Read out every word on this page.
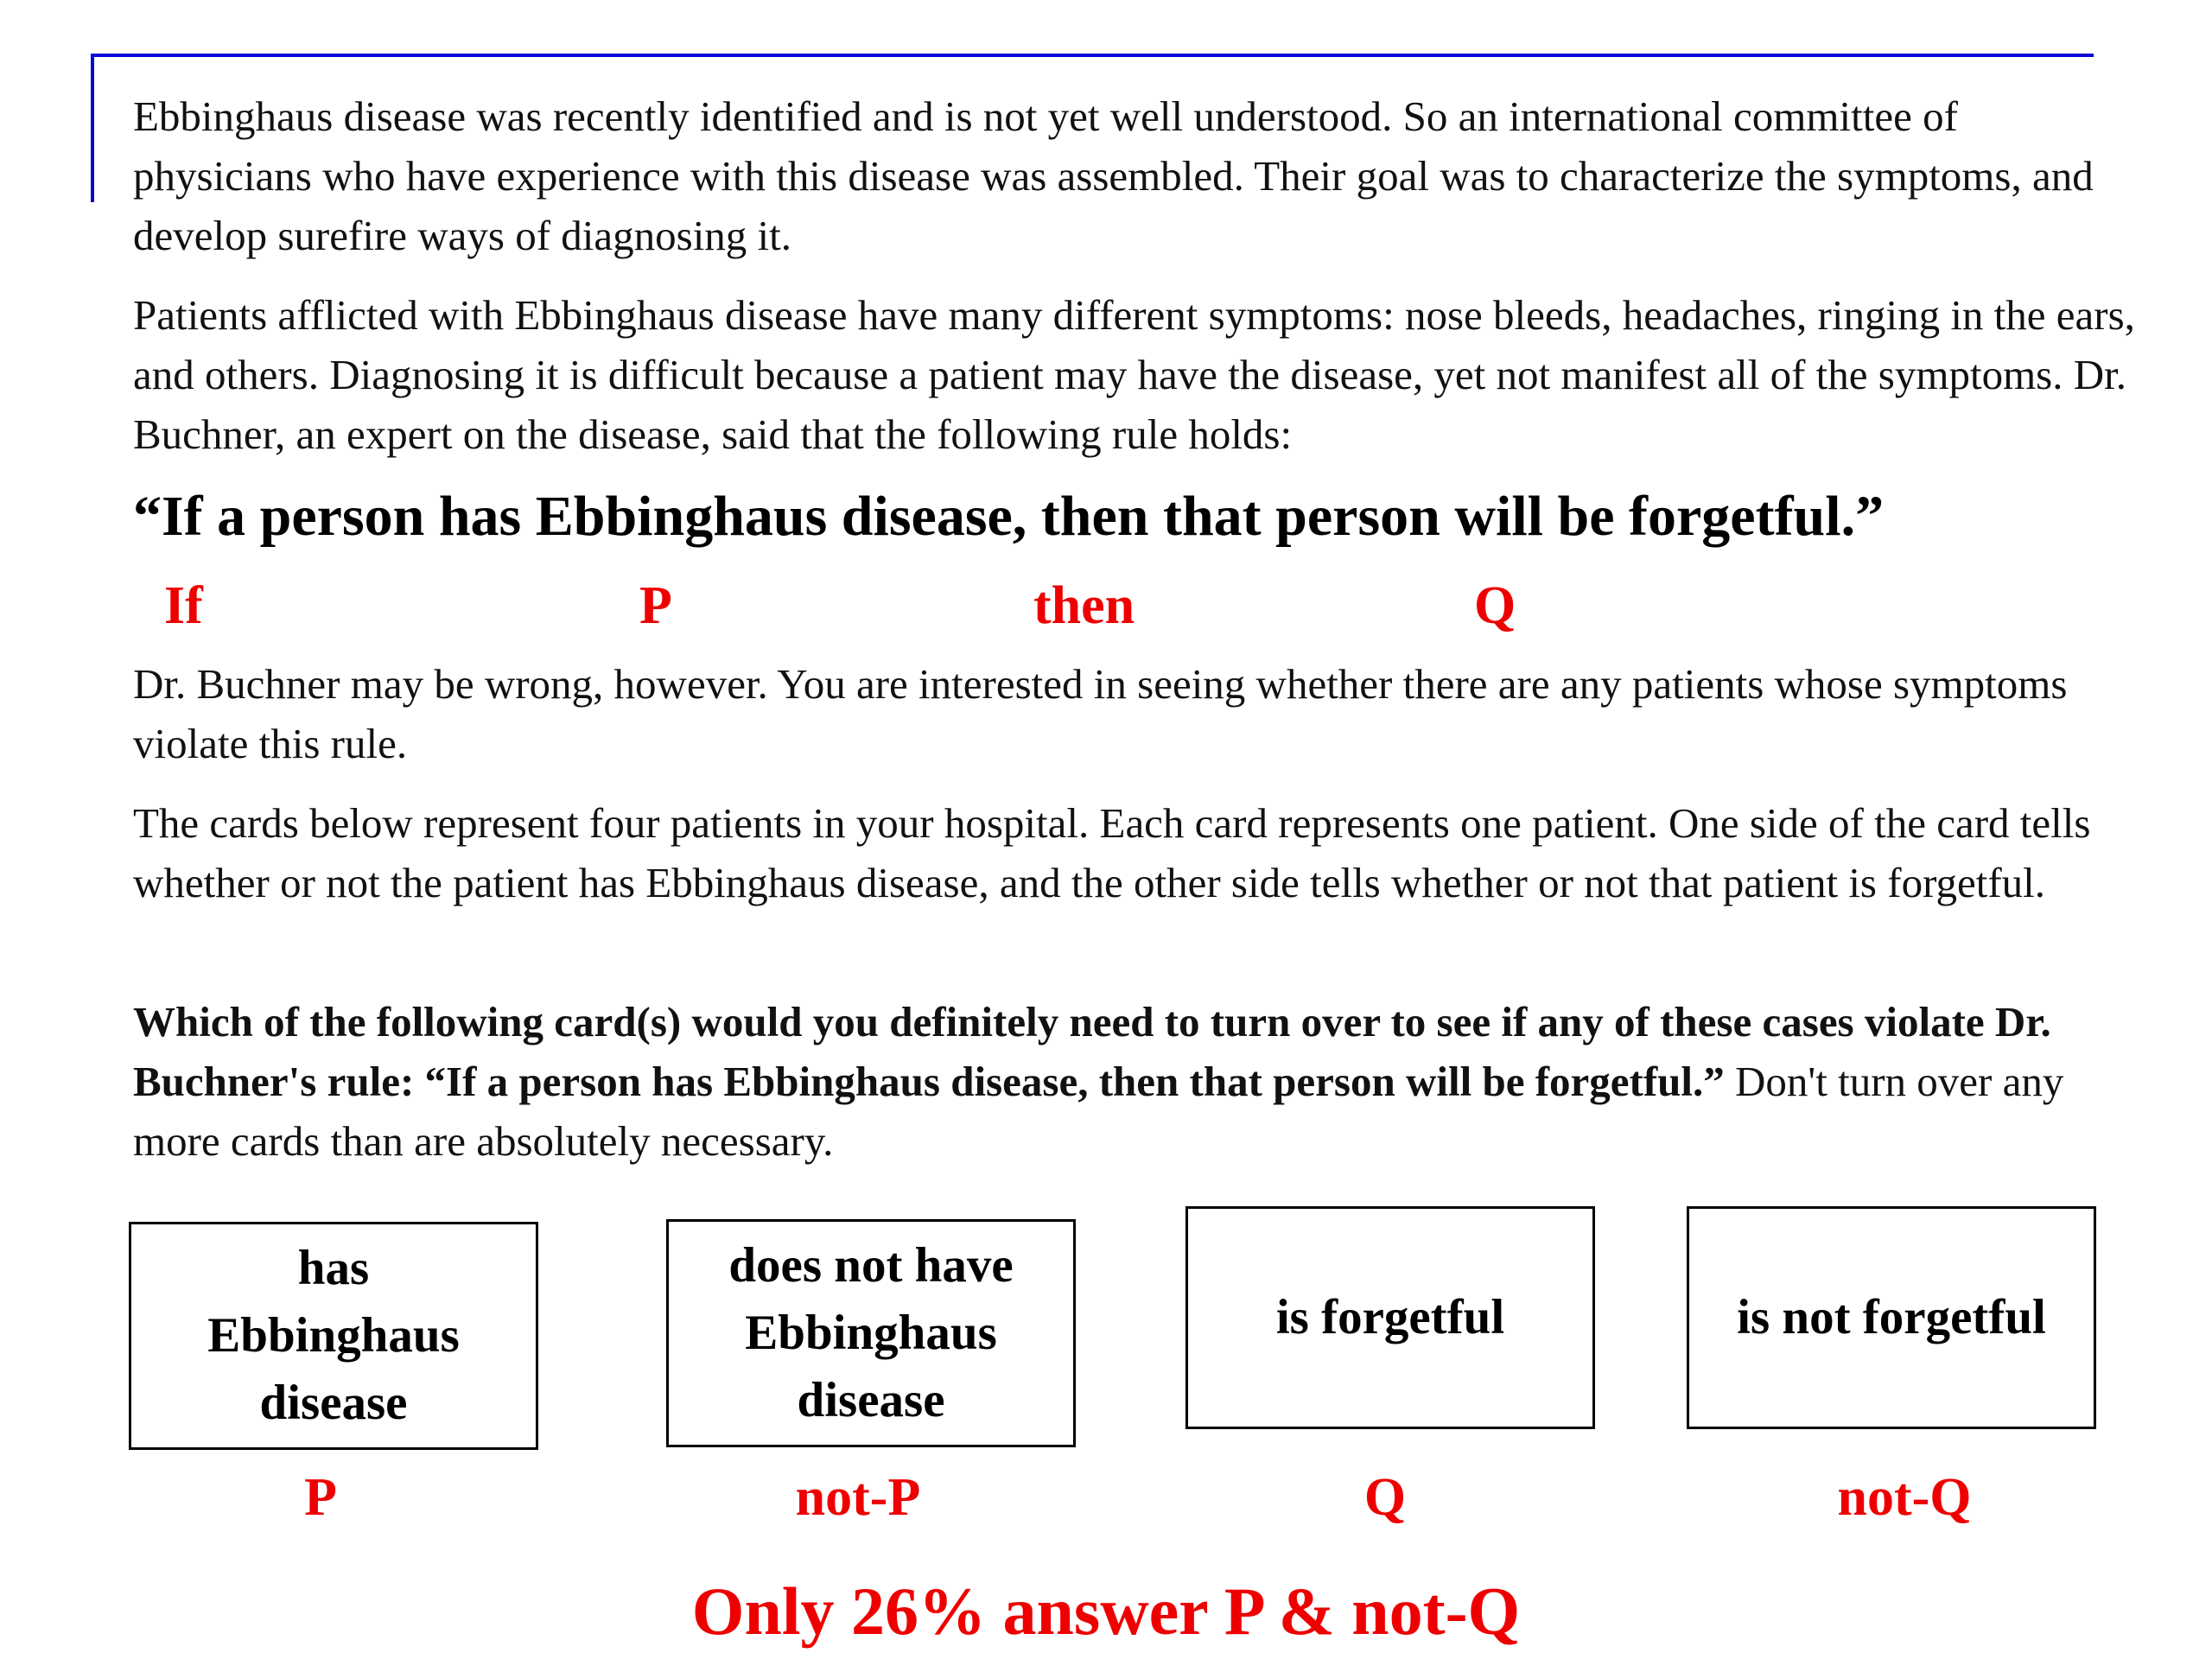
Ebbinghaus disease was recently identified and is not yet well understood. So an international committee of physicians who have experience with this disease was assembled. Their goal was to characterize the symptoms, and develop surefire ways of diagnosing it.

Patients afflicted with Ebbinghaus disease have many different symptoms: nose bleeds, headaches, ringing in the ears, and others. Diagnosing it is difficult because a patient may have the disease, yet not manifest all of the symptoms. Dr. Buchner, an expert on the disease, said that the following rule holds:

“If a person has Ebbinghaus disease, then that person will be forgetful.”

If	P	then	Q

Dr. Buchner may be wrong, however. You are interested in seeing whether there are any patients whose symptoms violate this rule.

The cards below represent four patients in your hospital. Each card represents one patient. One side of the card tells whether or not the patient has Ebbinghaus disease, and the other side tells whether or not that patient is forgetful.

Which of the following card(s) would you definitely need to turn over to see if any of these cases violate Dr. Buchner's rule: “If a person has Ebbinghaus disease, then that person will be forgetful.” Don't turn over any more cards than are absolutely necessary.

has
Ebbinghaus
disease
does not have
Ebbinghaus
disease
is forgetful	is not forgetful
P	not-P	Q	not-Q
Only 26% answer P & not-Q
